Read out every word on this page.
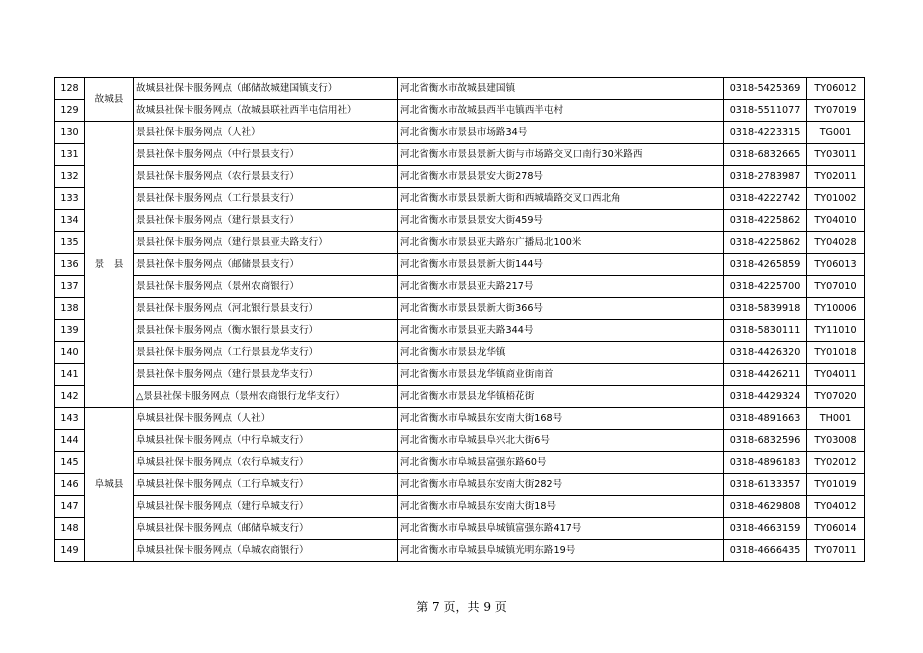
128	故城县	故城县社保卡服务网点（邮储故城建国镇支行）	河北省衡水市故城县建国镇	0318-5425369	TY06012
129		故城县社保卡服务网点（故城县联社西半屯信用社）	河北省衡水市故城县西半屯镇西半屯村	0318-5511077	TY07019
130	景　县	景县社保卡服务网点（人社）	河北省衡水市景县市场路34号	0318-4223315	TG001
131		景县社保卡服务网点（中行景县支行）	河北省衡水市景县景新大街与市场路交叉口南行30米路西	0318-6832665	TY03011
132		景县社保卡服务网点（农行景县支行）	河北省衡水市景县景安大街278号	0318-2783987	TY02011
133		景县社保卡服务网点（工行景县支行）	河北省衡水市景县景新大街和西城墙路交叉口西北角	0318-4222742	TY01002
134		景县社保卡服务网点（建行景县支行）	河北省衡水市景县景安大街459号	0318-4225862	TY04010
135		景县社保卡服务网点（建行景县亚夫路支行）	河北省衡水市景县亚夫路东广播局北100米	0318-4225862	TY04028
136		景县社保卡服务网点（邮储景县支行）	河北省衡水市景县景新大街144号	0318-4265859	TY06013
137		景县社保卡服务网点（景州农商银行）	河北省衡水市景县亚夫路217号	0318-4225700	TY07010
138		景县社保卡服务网点（河北银行景县支行）	河北省衡水市景县景新大街366号	0318-5839918	TY10006
139		景县社保卡服务网点（衡水银行景县支行）	河北省衡水市景县亚夫路344号	0318-5830111	TY11010
140		景县社保卡服务网点（工行景县龙华支行）	河北省衡水市景县龙华镇	0318-4426320	TY01018
141		景县社保卡服务网点（建行景县龙华支行）	河北省衡水市景县龙华镇商业街南首	0318-4426211	TY04011
142		△景县社保卡服务网点（景州农商银行龙华支行）	河北省衡水市景县龙华镇梧花街	0318-4429324	TY07020
143	阜城县	阜城县社保卡服务网点（人社）	河北省衡水市阜城县东安南大街168号	0318-4891663	TH001
144		阜城县社保卡服务网点（中行阜城支行）	河北省衡水市阜城县阜兴北大街6号	0318-6832596	TY03008
145		阜城县社保卡服务网点（农行阜城支行）	河北省衡水市阜城县富强东路60号	0318-4896183	TY02012
146		阜城县社保卡服务网点（工行阜城支行）	河北省衡水市阜城县东安南大街282号	0318-6133357	TY01019
147		阜城县社保卡服务网点（建行阜城支行）	河北省衡水市阜城县东安南大街18号	0318-4629808	TY04012
148		阜城县社保卡服务网点（邮储阜城支行）	河北省衡水市阜城县阜城镇富强东路417号	0318-4663159	TY06014
149		阜城县社保卡服务网点（阜城农商银行）	河北省衡水市阜城县阜城镇光明东路19号	0318-4666435	TY07011
第 7 页，共 9 页
